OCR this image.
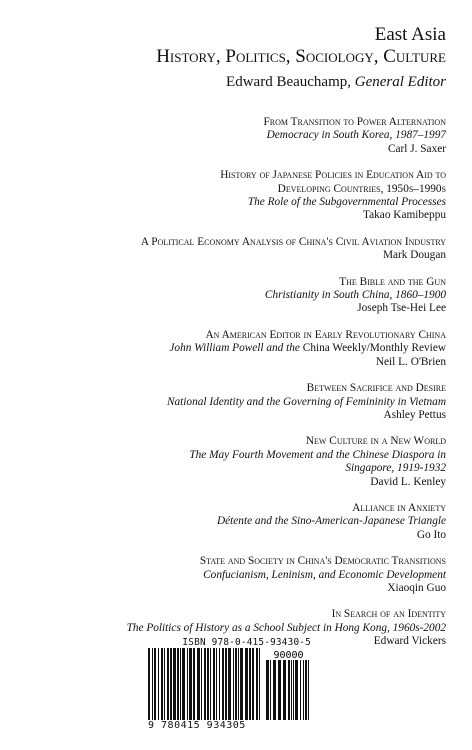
East Asia
History, Politics, Sociology, Culture
Edward Beauchamp, General Editor
From Transition to Power Alternation
Democracy in South Korea, 1987–1997
Carl J. Saxer
History of Japanese Policies in Education Aid to
Developing Countries, 1950s–1990s
The Role of the Subgovernmental Processes
Takao Kamibeppu
A Political Economy Analysis of China's Civil Aviation Industry
Mark Dougan
The Bible and the Gun
Christianity in South China, 1860–1900
Joseph Tse-Hei Lee
An American Editor in Early Revolutionary China
John William Powell and the China Weekly/Monthly Review
Neil L. O'Brien
Between Sacrifice and Desire
National Identity and the Governing of Femininity in Vietnam
Ashley Pettus
New Culture in a New World
The May Fourth Movement and the Chinese Diaspora in
Singapore, 1919-1932
David L. Kenley
Alliance in Anxiety
Détente and the Sino-American-Japanese Triangle
Go Ito
State and Society in China's Democratic Transitions
Confucianism, Leninism, and Economic Development
Xiaoqin Guo
In Search of an Identity
The Politics of History as a School Subject in Hong Kong, 1960s-2002
Edward Vickers
ISBN 978-0-415-93430-5
90000
9 780415 934305
